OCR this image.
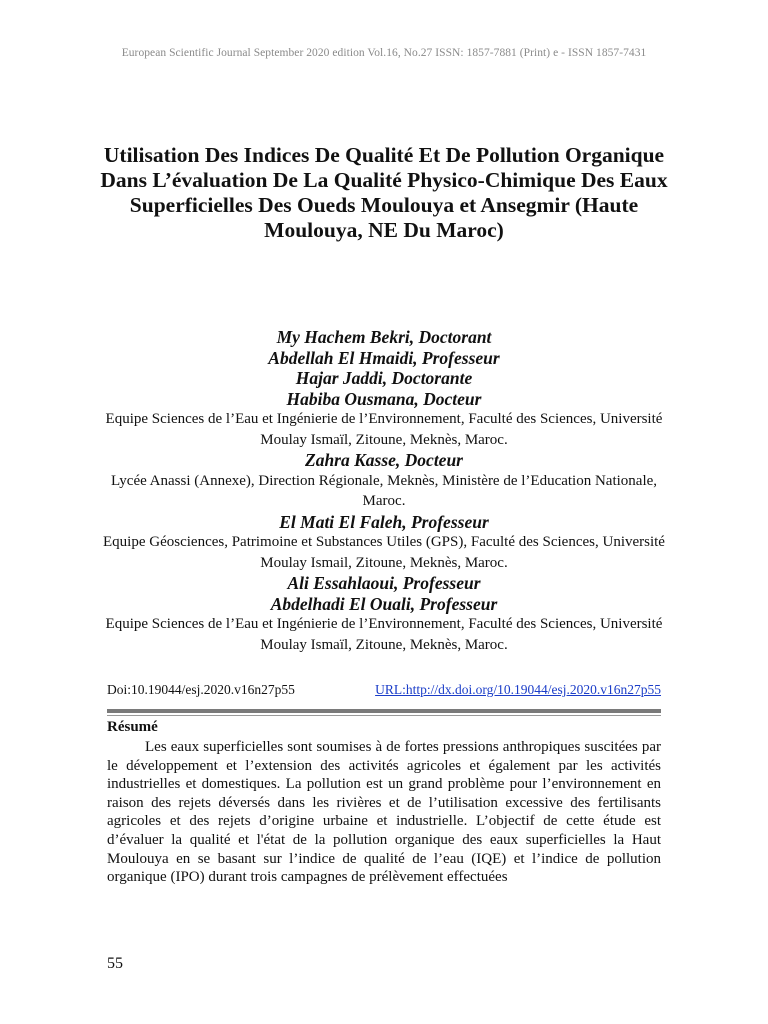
European Scientific Journal September 2020 edition Vol.16, No.27 ISSN: 1857-7881 (Print) e - ISSN 1857-7431
Utilisation Des Indices De Qualité Et De Pollution Organique Dans L’évaluation De La Qualité Physico-Chimique Des Eaux Superficielles Des Oueds Moulouya et Ansegmir (Haute Moulouya, NE Du Maroc)
My Hachem Bekri, Doctorant
Abdellah El Hmaidi, Professeur
Hajar Jaddi, Doctorante
Habiba Ousmana, Docteur
Equipe Sciences de l’Eau et Ingénierie de l’Environnement, Faculté des Sciences, Université Moulay Ismaïl, Zitoune, Meknès, Maroc.
Zahra Kasse, Docteur
Lycée Anassi (Annexe), Direction Régionale, Meknès, Ministère de l’Education Nationale, Maroc.
El Mati El Faleh, Professeur
Equipe Géosciences, Patrimoine et Substances Utiles (GPS), Faculté des Sciences, Université Moulay Ismail, Zitoune, Meknès, Maroc.
Ali Essahlaoui, Professeur
Abdelhadi El Ouali, Professeur
Equipe Sciences de l’Eau et Ingénierie de l’Environnement, Faculté des Sciences, Université Moulay Ismaïl, Zitoune, Meknès, Maroc.
Doi:10.19044/esj.2020.v16n27p55	URL:http://dx.doi.org/10.19044/esj.2020.v16n27p55
Résumé

Les eaux superficielles sont soumises à de fortes pressions anthropiques suscitées par le développement et l’extension des activités agricoles et également par les activités industrielles et domestiques. La pollution est un grand problème pour l’environnement en raison des rejets déversés dans les rivières et de l’utilisation excessive des fertilisants agricoles et des rejets d’origine urbaine et industrielle. L’objectif de cette étude est d’évaluer la qualité et l'état de la pollution organique des eaux superficielles la Haut Moulouya en se basant sur l’indice de qualité de l’eau (IQE) et l’indice de pollution organique (IPO) durant trois campagnes de prélèvement effectuées

55
